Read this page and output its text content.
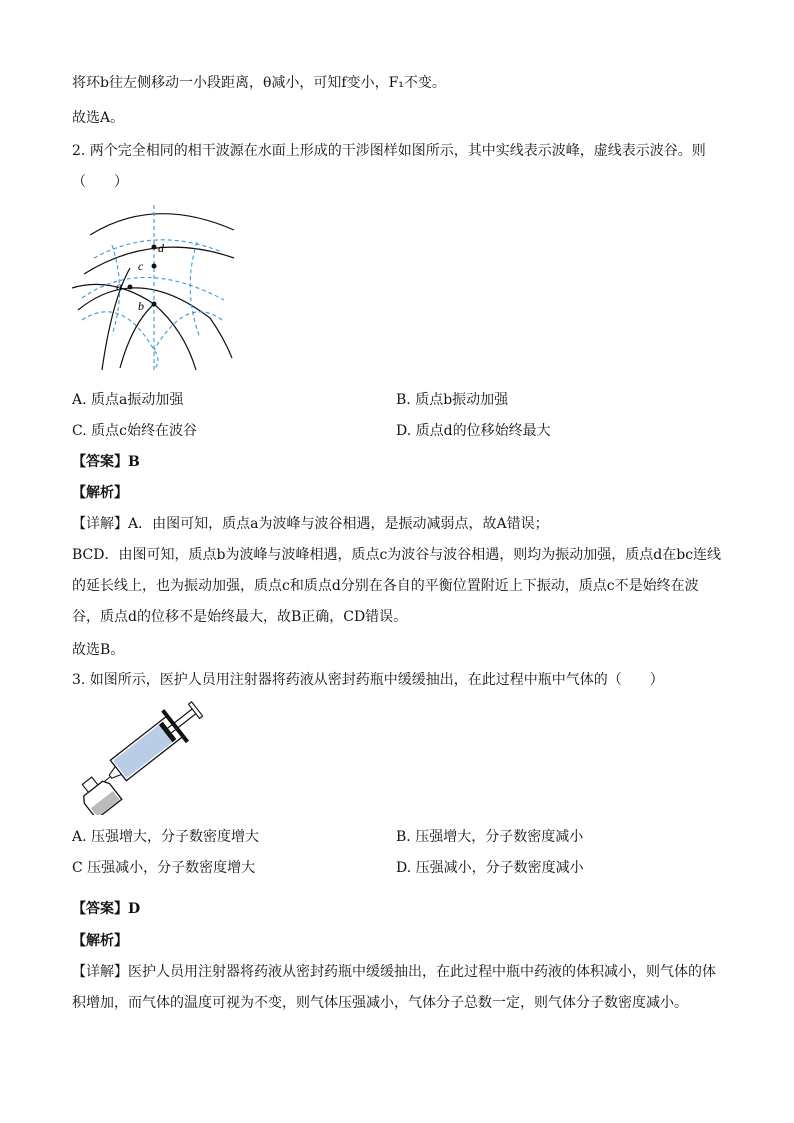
将环b往左侧移动一小段距离，θ减小，可知f变小，F₁不变。
故选A。
2. 两个完全相同的相干波源在水面上形成的干涉图样如图所示，其中实线表示波峰，虚线表示波谷。则
（　　）
d
c
a
b
A. 质点a振动加强	B. 质点b振动加强
C. 质点c始终在波谷	D. 质点d的位移始终最大
【答案】B
【解析】
【详解】A．由图可知，质点a为波峰与波谷相遇，是振动减弱点，故A错误；
BCD．由图可知，质点b为波峰与波峰相遇，质点c为波谷与波谷相遇，则均为振动加强，质点d在bc连线的延长线上，也为振动加强，质点c和质点d分别在各自的平衡位置附近上下振动，质点c不是始终在波谷，质点d的位移不是始终最大，故B正确，CD错误。
故选B。
3. 如图所示，医护人员用注射器将药液从密封药瓶中缓缓抽出，在此过程中瓶中气体的（　　）
A. 压强增大，分子数密度增大	B. 压强增大，分子数密度减小
C 压强减小，分子数密度增大	D. 压强减小，分子数密度减小
【答案】D
【解析】
【详解】医护人员用注射器将药液从密封药瓶中缓缓抽出，在此过程中瓶中药液的体积减小，则气体的体积增加，而气体的温度可视为不变，则气体压强减小，气体分子总数一定，则气体分子数密度减小。
